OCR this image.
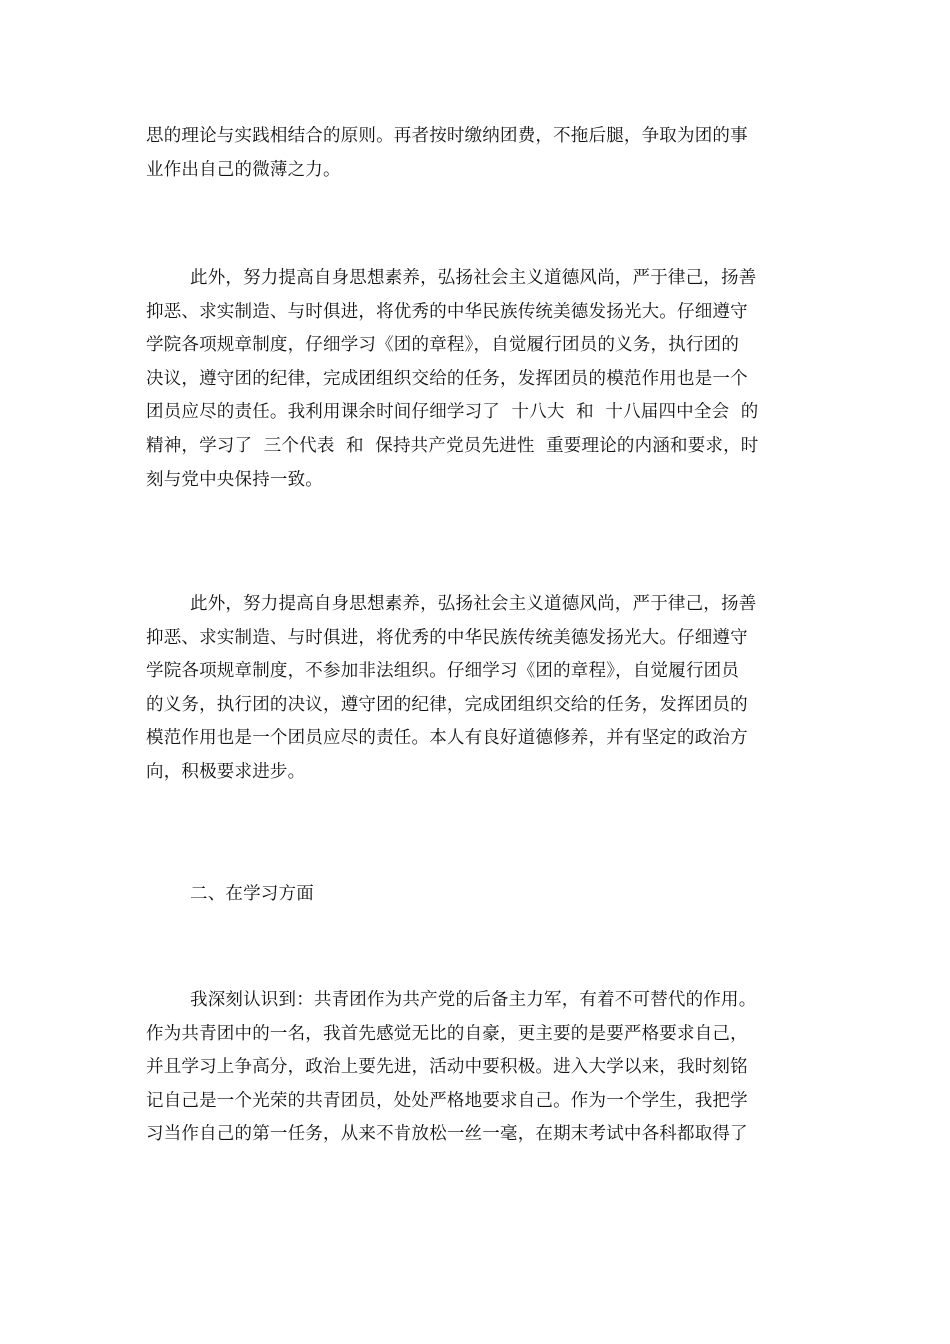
思的理论与实践相结合的原则。再者按时缴纳团费，不拖后腿，争取为团的事
业作出自己的微薄之力。
此外，努力提高自身思想素养，弘扬社会主义道德风尚，严于律己，扬善
抑恶、求实制造、与时俱进，将优秀的中华民族传统美德发扬光大。仔细遵守
学院各项规章制度，仔细学习《团的章程》，自觉履行团员的义务，执行团的
决议，遵守团的纪律，完成团组织交给的任务，发挥团员的模范作用也是一个
团员应尽的责任。我利用课余时间仔细学习了  十八大  和  十八届四中全会  的
精神，学习了  三个代表  和  保持共产党员先进性  重要理论的内涵和要求，时
刻与党中央保持一致。
此外，努力提高自身思想素养，弘扬社会主义道德风尚，严于律己，扬善
抑恶、求实制造、与时俱进，将优秀的中华民族传统美德发扬光大。仔细遵守
学院各项规章制度，不参加非法组织。仔细学习《团的章程》，自觉履行团员
的义务，执行团的决议，遵守团的纪律，完成团组织交给的任务，发挥团员的
模范作用也是一个团员应尽的责任。本人有良好道德修养，并有坚定的政治方
向，积极要求进步。
二、在学习方面
我深刻认识到：共青团作为共产党的后备主力军，有着不可替代的作用。
作为共青团中的一名，我首先感觉无比的自豪，更主要的是要严格要求自己，
并且学习上争高分，政治上要先进，活动中要积极。进入大学以来，我时刻铭
记自己是一个光荣的共青团员，处处严格地要求自己。作为一个学生，我把学
习当作自己的第一任务，从来不肯放松一丝一毫，在期末考试中各科都取得了
